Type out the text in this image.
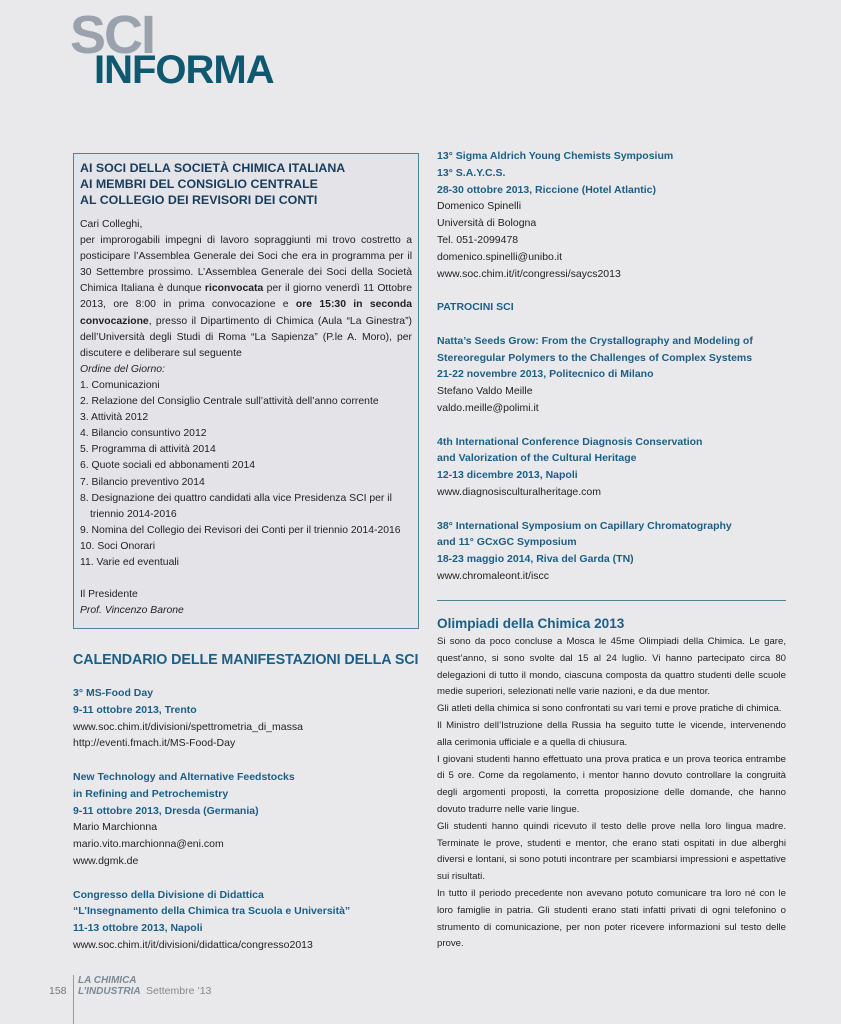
SCI
INFORMA
AI SOCI DELLA SOCIETÀ CHIMICA ITALIANA
AI MEMBRI DEL CONSIGLIO CENTRALE
AL COLLEGIO DEI REVISORI DEI CONTI

Cari Colleghi,

per improrogabili impegni di lavoro sopraggiunti mi trovo costretto a posticipare l’Assemblea Generale dei Soci che era in programma per il 30 Settembre prossimo. L’Assemblea Generale dei Soci della Società Chimica Italiana è dunque riconvocata per il giorno venerdì 11 Ottobre 2013, ore 8:00 in prima convocazione e ore 15:30 in seconda convocazione, presso il Dipartimento di Chimica (Aula “La Ginestra”) dell’Università degli Studi di Roma “La Sapienza” (P.le A. Moro), per discutere e deliberare sul seguente

Ordine del Giorno:

1. Comunicazioni
2. Relazione del Consiglio Centrale sull’attività dell’anno corrente
3. Attività 2012
4. Bilancio consuntivo 2012
5. Programma di attività 2014
6. Quote sociali ed abbonamenti 2014
7. Bilancio preventivo 2014
8. Designazione dei quattro candidati alla vice Presidenza SCI per il
triennio 2014-2016
9. Nomina del Collegio dei Revisori dei Conti per il triennio 2014-2016
10. Soci Onorari
11. Varie ed eventuali

Il Presidente

Prof. Vincenzo Barone

CALENDARIO DELLE MANIFESTAZIONI DELLA SCI
3° MS-Food Day
9-11 ottobre 2013, Trento
www.soc.chim.it/divisioni/spettrometria_di_massa
http://eventi.fmach.it/MS-Food-Day
New Technology and Alternative Feedstocks
in Refining and Petrochemistry
9-11 ottobre 2013, Dresda (Germania)
Mario Marchionna
mario.vito.marchionna@eni.com
www.dgmk.de
Congresso della Divisione di Didattica
“L’Insegnamento della Chimica tra Scuola e Università”
11-13 ottobre 2013, Napoli
www.soc.chim.it/it/divisioni/didattica/congresso2013
13° Sigma Aldrich Young Chemists Symposium
13° S.A.Y.C.S.
28-30 ottobre 2013, Riccione (Hotel Atlantic)
Domenico Spinelli
Università di Bologna
Tel. 051-2099478
domenico.spinelli@unibo.it
www.soc.chim.it/it/congressi/saycs2013
PATROCINI SCI
Natta’s Seeds Grow: From the Crystallography and Modeling of
Stereoregular Polymers to the Challenges of Complex Systems
21-22 novembre 2013, Politecnico di Milano
Stefano Valdo Meille
valdo.meille@polimi.it
4th International Conference Diagnosis Conservation
and Valorization of the Cultural Heritage
12-13 dicembre 2013, Napoli
www.diagnosisculturalheritage.com
38° International Symposium on Capillary Chromatography
and 11° GCxGC Symposium
18-23 maggio 2014, Riva del Garda (TN)
www.chromaleont.it/iscc
Olimpiadi della Chimica 2013

Si sono da poco concluse a Mosca le 45me Olimpiadi della Chimica. Le gare, quest’anno, si sono svolte dal 15 al 24 luglio. Vi hanno partecipato circa 80 delegazioni di tutto il mondo, ciascuna composta da quattro studenti delle scuole medie superiori, selezionati nelle varie nazioni, e da due mentor.

Gli atleti della chimica si sono confrontati su vari temi e prove pratiche di chimica.

Il Ministro dell’Istruzione della Russia ha seguito tutte le vicende, intervenendo alla cerimonia ufficiale e a quella di chiusura.

I giovani studenti hanno effettuato una prova pratica e un prova teorica entrambe di 5 ore. Come da regolamento, i mentor hanno dovuto controllare la congruità degli argomenti proposti, la corretta proposizione delle domande, che hanno dovuto tradurre nelle varie lingue.

Gli studenti hanno quindi ricevuto il testo delle prove nella loro lingua madre. Terminate le prove, studenti e mentor, che erano stati ospitati in due alberghi diversi e lontani, si sono potuti incontrare per scambiarsi impressioni e aspettative sui risultati.

In tutto il periodo precedente non avevano potuto comunicare tra loro né con le loro famiglie in patria. Gli studenti erano stati infatti privati di ogni telefonino o strumento di comunicazione, per non poter ricevere informazioni sul testo delle prove.

158
LA CHIMICA
L’INDUSTRIA Settembre ’13
